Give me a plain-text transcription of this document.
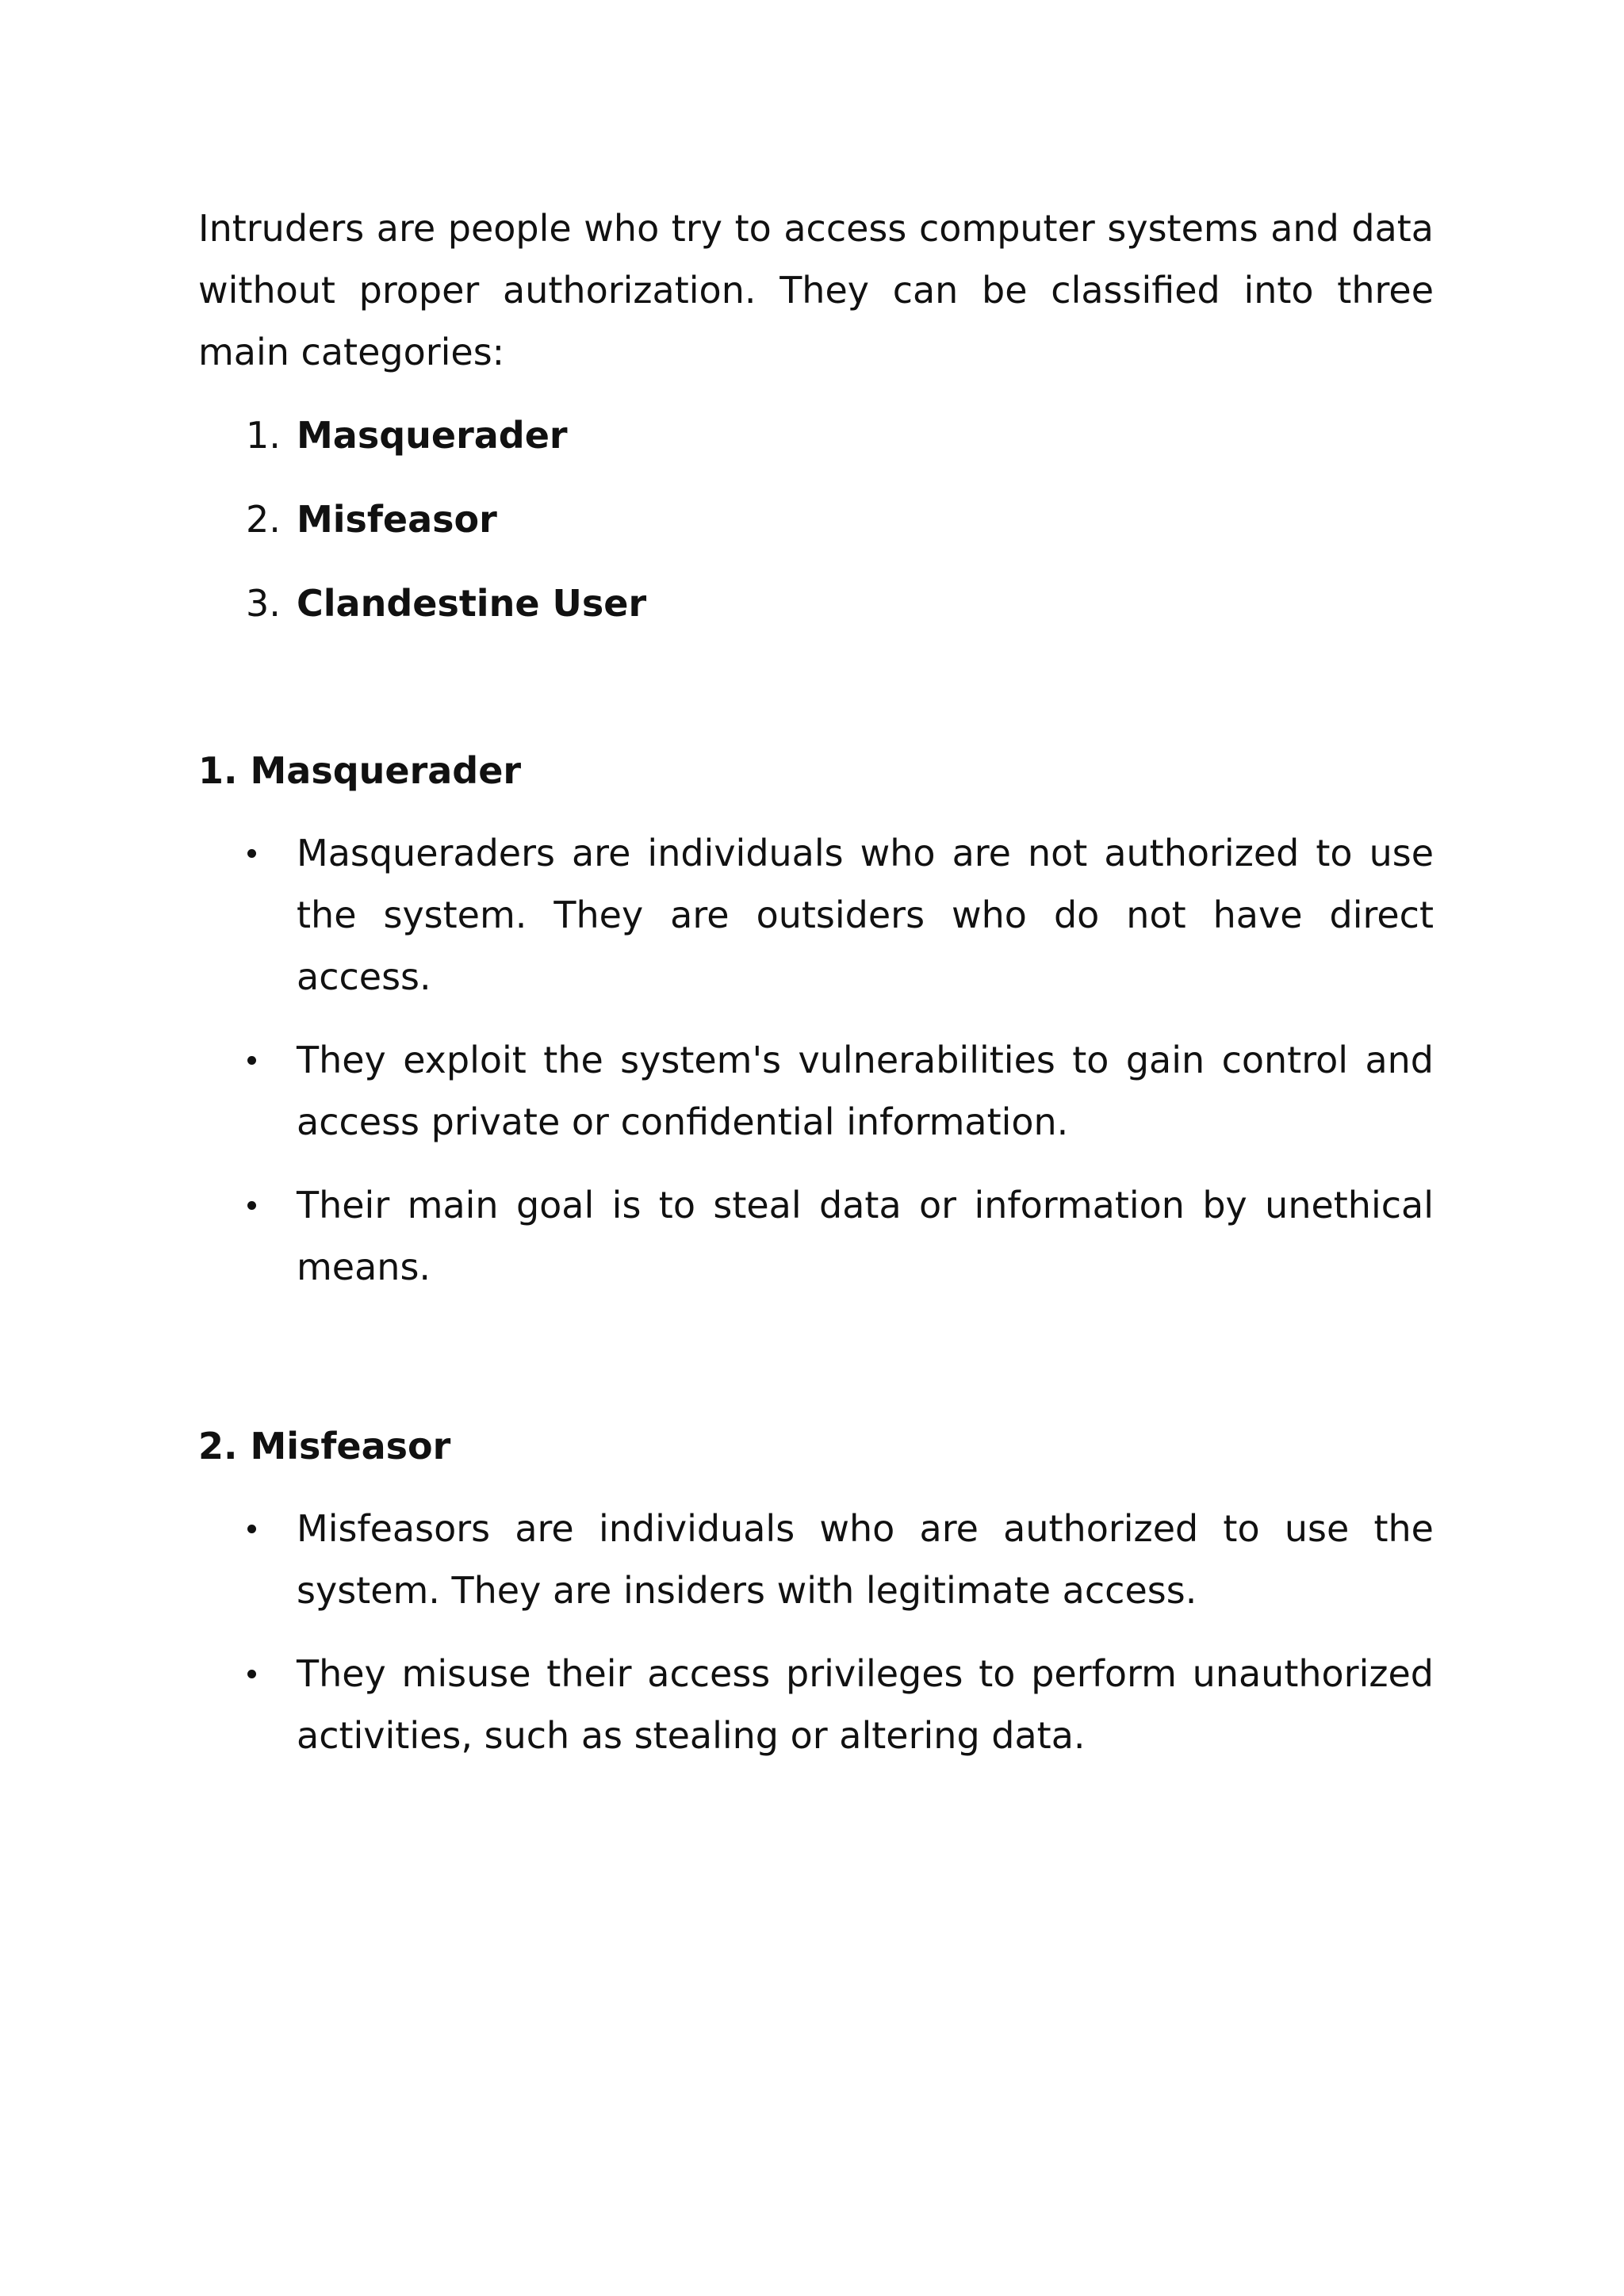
Intruders are people who try to access computer systems and data without proper authorization. They can be classified into three main categories:

1. Masquerader
2. Misfeasor
3. Clandestine User
1. Masquerader
Masqueraders are individuals who are not authorized to use the system. They are outsiders who do not have direct access.
They exploit the system's vulnerabilities to gain control and access private or confidential information.
Their main goal is to steal data or information by unethical means.
2. Misfeasor
Misfeasors are individuals who are authorized to use the system. They are insiders with legitimate access.
They misuse their access privileges to perform unauthorized activities, such as stealing or altering data.
